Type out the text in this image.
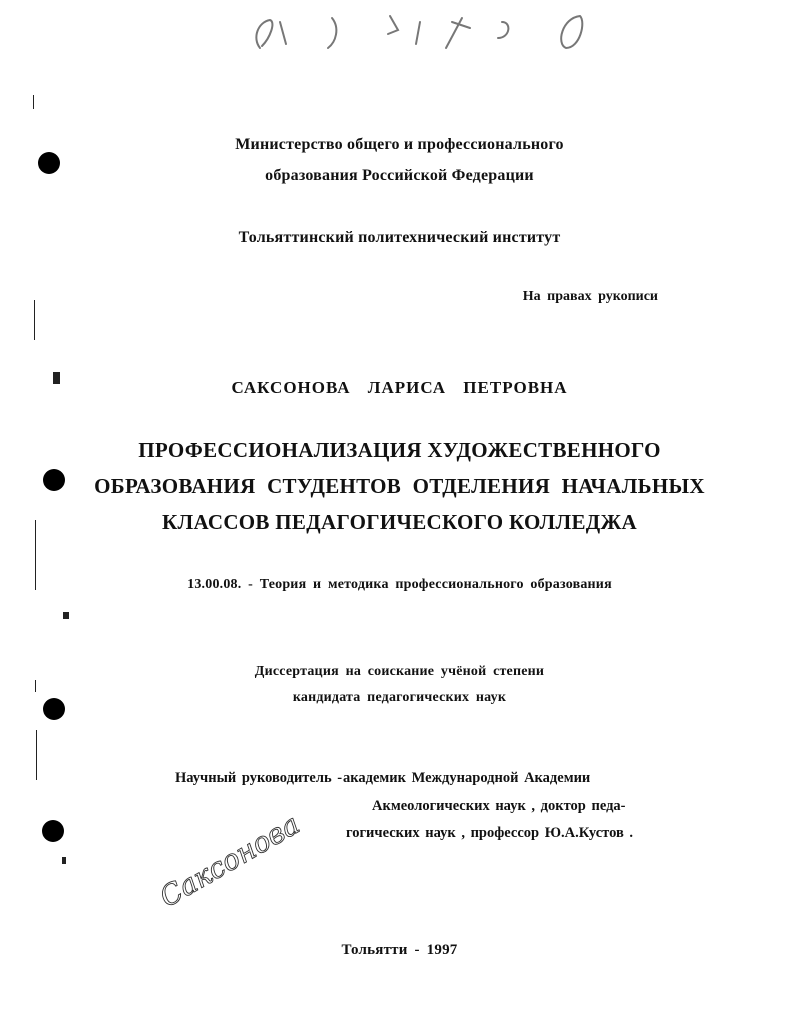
Министерство общего и профессионального
образования Российской Федерации
Тольяттинский политехнический институт
На правах рукописи
САКСОНОВА ЛАРИСА ПЕТРОВНА
ПРОФЕССИОНАЛИЗАЦИЯ ХУДОЖЕСТВЕННОГО
ОБРАЗОВАНИЯ СТУДЕНТОВ ОТДЕЛЕНИЯ НАЧАЛЬНЫХ
КЛАССОВ ПЕДАГОГИЧЕСКОГО КОЛЛЕДЖА
13.00.08. - Теория и методика профессионального образования
Диссертация на соискание учёной степени
кандидата педагогических наук
Научный руководитель - академик Международной Академии
Акмеологических наук , доктор педа-
гогических наук , профессор Ю.А.Кустов .
Саксонова
Тольятти - 1997
